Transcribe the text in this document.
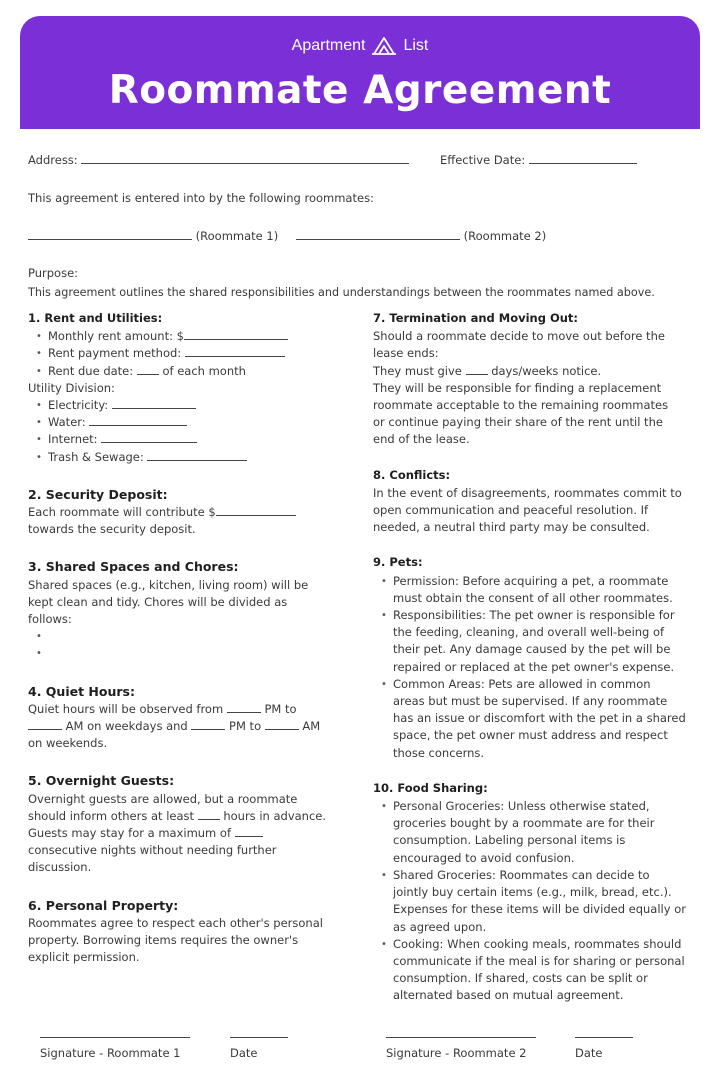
Apartment List
Roommate Agreement
Address:	Effective Date:
This agreement is entered into by the following roommates:
(Roommate 1)	(Roommate 2)
Purpose:
This agreement outlines the shared responsibilities and understandings between the roommates named above.
1. Rent and Utilities:
• Monthly rent amount: $
• Rent payment method:
• Rent due date:	of each month
Utility Division:
• Electricity:
• Water:
• Internet:
• Trash & Sewage:
2. Security Deposit:
Each roommate will contribute $
towards the security deposit.
3. Shared Spaces and Chores:
Shared spaces (e.g., kitchen, living room) will be
kept clean and tidy. Chores will be divided as
follows:
•
•
4. Quiet Hours:
Quiet hours will be observed from	PM to
AM on weekdays and	PM to	AM
on weekends.
5. Overnight Guests:
Overnight guests are allowed, but a roommate
should inform others at least	hours in advance.
Guests may stay for a maximum of
consecutive nights without needing further
discussion.
6. Personal Property:
Roommates agree to respect each other's personal
property. Borrowing items requires the owner's
explicit permission.
7. Termination and Moving Out:
Should a roommate decide to move out before the
lease ends:
They must give	days/weeks notice.
They will be responsible for finding a replacement
roommate acceptable to the remaining roommates
or continue paying their share of the rent until the
end of the lease.
8. Conflicts:
In the event of disagreements, roommates commit to
open communication and peaceful resolution. If
needed, a neutral third party may be consulted.
9. Pets:
• Permission: Before acquiring a pet, a roommate
must obtain the consent of all other roommates.
• Responsibilities: The pet owner is responsible for
the feeding, cleaning, and overall well-being of
their pet. Any damage caused by the pet will be
repaired or replaced at the pet owner's expense.
• Common Areas: Pets are allowed in common
areas but must be supervised. If any roommate
has an issue or discomfort with the pet in a shared
space, the pet owner must address and respect
those concerns.
10. Food Sharing:
• Personal Groceries: Unless otherwise stated,
groceries bought by a roommate are for their
consumption. Labeling personal items is
encouraged to avoid confusion.
• Shared Groceries: Roommates can decide to
jointly buy certain items (e.g., milk, bread, etc.).
Expenses for these items will be divided equally or
as agreed upon.
• Cooking: When cooking meals, roommates should
communicate if the meal is for sharing or personal
consumption. If shared, costs can be split or
alternated based on mutual agreement.
Signature - Roommate 1	Date	Signature - Roommate 2	Date
